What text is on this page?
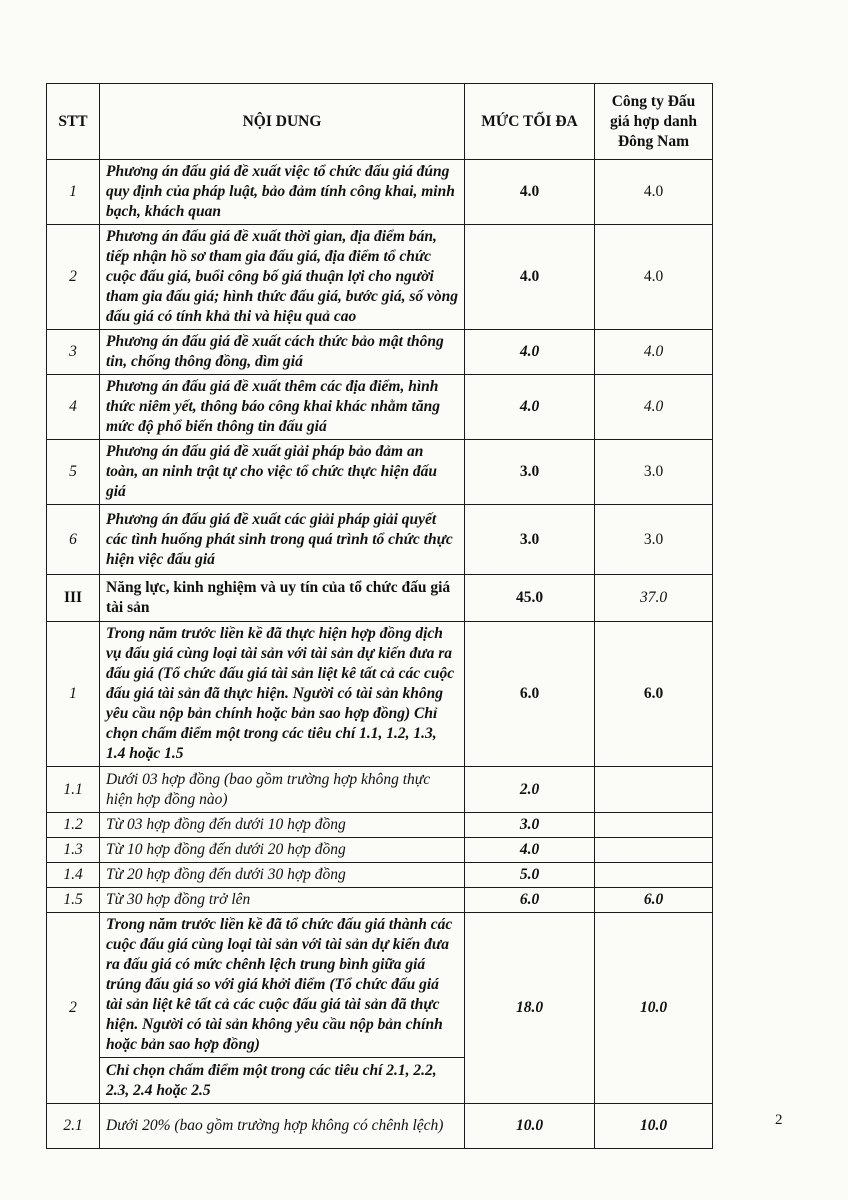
STT	NỘI DUNG	MỨC TỐI ĐA	Công ty Đấu giá hợp danh Đông Nam
1	Phương án đấu giá đề xuất việc tổ chức đấu giá đúng quy định của pháp luật, bảo đảm tính công khai, minh bạch, khách quan	4.0	4.0
2	Phương án đấu giá đề xuất thời gian, địa điểm bán, tiếp nhận hồ sơ tham gia đấu giá, địa điểm tổ chức cuộc đấu giá, buổi công bố giá thuận lợi cho người tham gia đấu giá; hình thức đấu giá, bước giá, số vòng đấu giá có tính khả thi và hiệu quả cao	4.0	4.0
3	Phương án đấu giá đề xuất cách thức bảo mật thông tin, chống thông đồng, dìm giá	4.0	4.0
4	Phương án đấu giá đề xuất thêm các địa điểm, hình thức niêm yết, thông báo công khai khác nhằm tăng mức độ phổ biến thông tin đấu giá	4.0	4.0
5	Phương án đấu giá đề xuất giải pháp bảo đảm an toàn, an ninh trật tự cho việc tổ chức thực hiện đấu giá	3.0	3.0
6	Phương án đấu giá đề xuất các giải pháp giải quyết các tình huống phát sinh trong quá trình tổ chức thực hiện việc đấu giá	3.0	3.0
III	Năng lực, kinh nghiệm và uy tín của tổ chức đấu giá tài sản	45.0	37.0
1	Trong năm trước liền kề đã thực hiện hợp đồng dịch vụ đấu giá cùng loại tài sản với tài sản dự kiến đưa ra đấu giá (Tổ chức đấu giá tài sản liệt kê tất cả các cuộc đấu giá tài sản đã thực hiện. Người có tài sản không yêu cầu nộp bản chính hoặc bản sao hợp đồng) Chỉ chọn chấm điểm một trong các tiêu chí 1.1, 1.2, 1.3, 1.4 hoặc 1.5	6.0	6.0
1.1	Dưới 03 hợp đồng (bao gồm trường hợp không thực hiện hợp đồng nào)	2.0	
1.2	Từ 03 hợp đồng đến dưới 10 hợp đồng	3.0	
1.3	Từ 10 hợp đồng đến dưới 20 hợp đồng	4.0	
1.4	Từ 20 hợp đồng đến dưới 30 hợp đồng	5.0	
1.5	Từ 30 hợp đồng trở lên	6.0	6.0
2	Trong năm trước liền kề đã tổ chức đấu giá thành các cuộc đấu giá cùng loại tài sản với tài sản dự kiến đưa ra đấu giá có mức chênh lệch trung bình giữa giá trúng đấu giá so với giá khởi điểm (Tổ chức đấu giá tài sản liệt kê tất cả các cuộc đấu giá tài sản đã thực hiện. Người có tài sản không yêu cầu nộp bản chính hoặc bản sao hợp đồng)	18.0	10.0
	Chỉ chọn chấm điểm một trong các tiêu chí 2.1, 2.2, 2.3, 2.4 hoặc 2.5		
2.1	Dưới 20% (bao gồm trường hợp không có chênh lệch)	10.0	10.0	2
